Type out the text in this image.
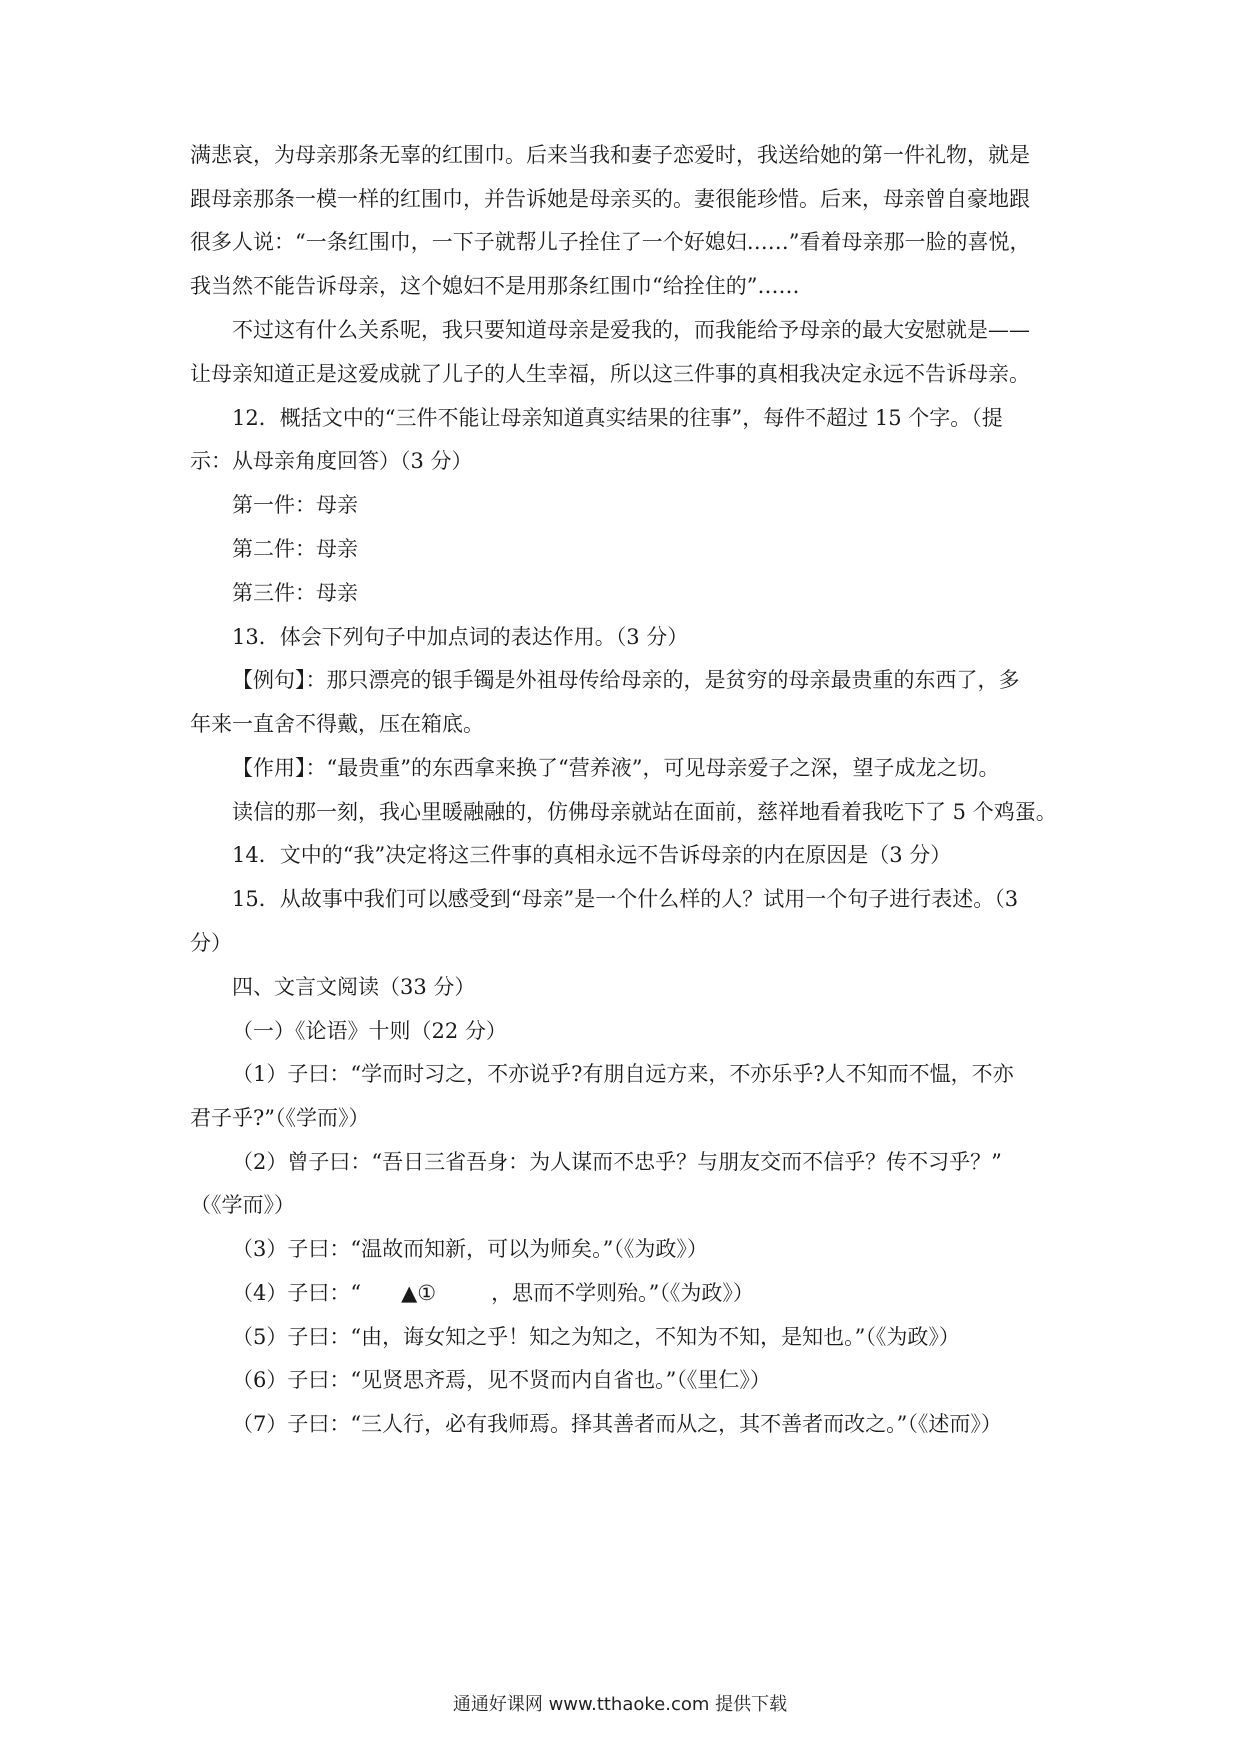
满悲哀，为母亲那条无辜的红围巾。后来当我和妻子恋爱时，我送给她的第一件礼物，就是
跟母亲那条一模一样的红围巾，并告诉她是母亲买的。妻很能珍惜。后来，母亲曾自豪地跟
很多人说：“一条红围巾，一下子就帮儿子拴住了一个好媳妇……”看着母亲那一脸的喜悦，
我当然不能告诉母亲，这个媳妇不是用那条红围巾“给拴住的”……
不过这有什么关系呢，我只要知道母亲是爱我的，而我能给予母亲的最大安慰就是——
让母亲知道正是这爱成就了儿子的人生幸福，所以这三件事的真相我决定永远不告诉母亲。
12．概括文中的“三件不能让母亲知道真实结果的往事”，每件不超过 15 个字。（提
示：从母亲角度回答）（3 分）
第一件：母亲
第二件：母亲
第三件：母亲
13．体会下列句子中加点词的表达作用。（3 分）
【例句】：那只漂亮的银手镯是外祖母传给母亲的，是贫穷的母亲最贵重的东西了，多
年来一直舍不得戴，压在箱底。
【作用】：“最贵重”的东西拿来换了“营养液”，可见母亲爱子之深，望子成龙之切。
读信的那一刻，我心里暖融融的，仿佛母亲就站在面前，慈祥地看着我吃下了 5 个鸡蛋。
14．文中的“我”决定将这三件事的真相永远不告诉母亲的内在原因是（3 分）
15．从故事中我们可以感受到“母亲”是一个什么样的人？试用一个句子进行表述。（3
分）
四、文言文阅读（33 分）
（一）《论语》十则（22 分）
（1）子曰：“学而时习之，不亦说乎?有朋自远方来，不亦乐乎?人不知而不愠，不亦
君子乎?”（《学而》）
（2）曾子曰：“吾日三省吾身：为人谋而不忠乎？与朋友交而不信乎？传不习乎？”
（《学而》）
（3）子曰：“温故而知新，可以为师矣。”（《为政》）
（4）子曰：“ ▲①	，思而不学则殆。”（《为政》）
（5）子曰：“由，诲女知之乎！知之为知之，不知为不知，是知也。”（《为政》）
（6）子曰：“见贤思齐焉，见不贤而内自省也。”（《里仁》）
（7）子曰：“三人行，必有我师焉。择其善者而从之，其不善者而改之。”（《述而》）
通通好课网 www.tthaoke.com 提供下载
